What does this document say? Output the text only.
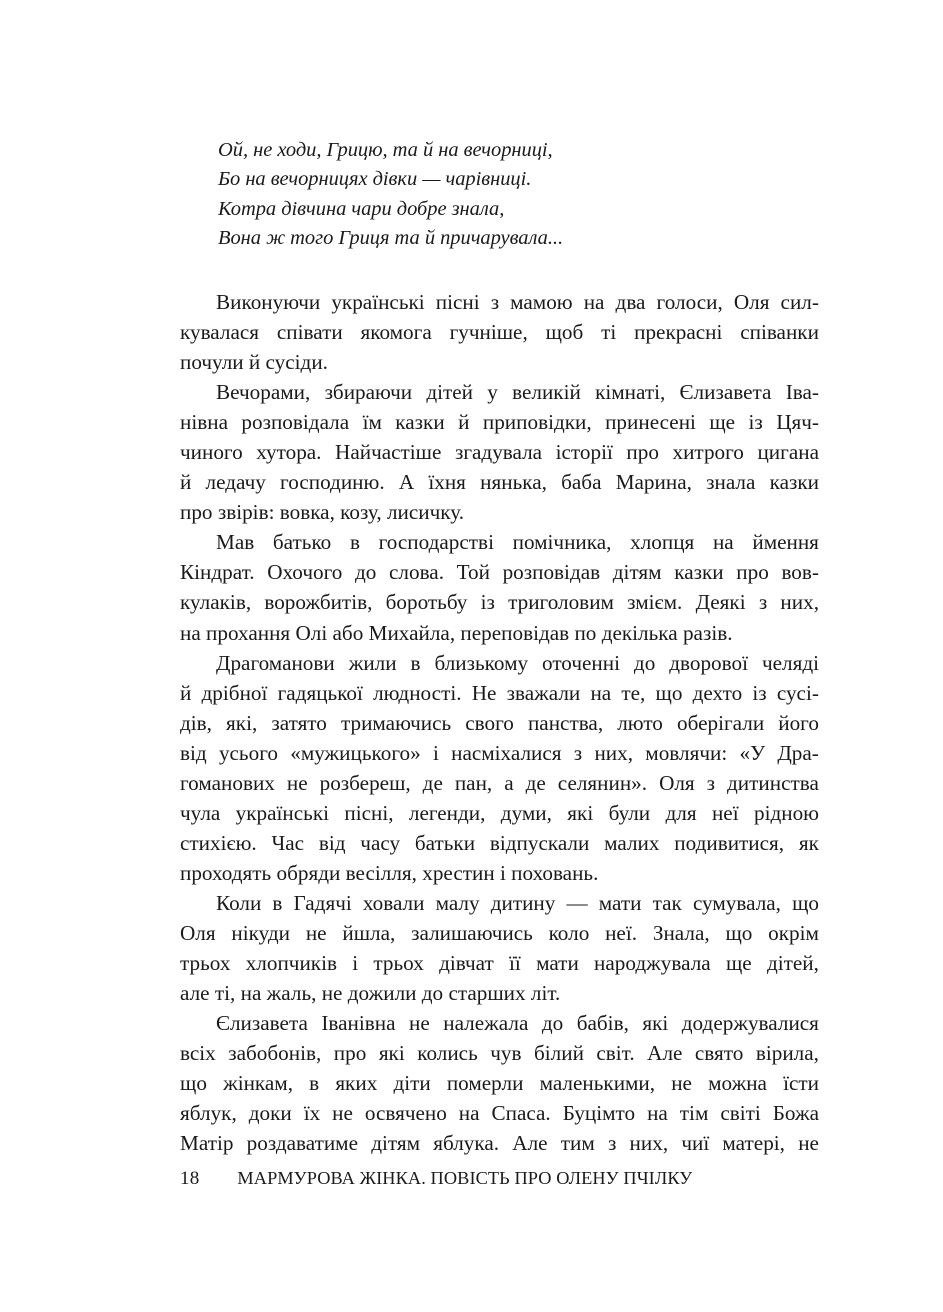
Ой, не ходи, Грицю, та й на вечорниці,
Бо на вечорницях дівки — чарівниці.
Котра дівчина чари добре знала,
Вона ж того Гриця та й причарувала...
Виконуючи українські пісні з мамою на два голоси, Оля сил-
кувалася співати якомога гучніше, щоб ті прекрасні співанки
почули й сусіди.
Вечорами, збираючи дітей у великій кімнаті, Єлизавета Іва-
нівна розповідала їм казки й приповідки, принесені ще із Цяч-
чиного хутора. Найчастіше згадувала історії про хитрого цигана
й ледачу господиню. А їхня нянька, баба Марина, знала казки
про звірів: вовка, козу, лисичку.
Мав батько в господарстві помічника, хлопця на ймення
Кіндрат. Охочого до слова. Той розповідав дітям казки про вов-
кулаків, ворожбитів, боротьбу із триголовим змієм. Деякі з них,
на прохання Олі або Михайла, переповідав по декілька разів.
Драгоманови жили в близькому оточенні до дворової челяді
й дрібної гадяцької людності. Не зважали на те, що дехто із сусі-
дів, які, затято тримаючись свого панства, люто оберігали його
від усього «мужицького» і насміхалися з них, мовлячи: «У Дра-
гоманових не розбереш, де пан, а де селянин». Оля з дитинства
чула українські пісні, легенди, думи, які були для неї рідною
стихією. Час від часу батьки відпускали малих подивитися, як
проходять обряди весілля, хрестин і поховань.
Коли в Гадячі ховали малу дитину — мати так сумувала, що
Оля нікуди не йшла, залишаючись коло неї. Знала, що окрім
трьох хлопчиків і трьох дівчат її мати народжувала ще дітей,
але ті, на жаль, не дожили до старших літ.
Єлизавета Іванівна не належала до бабів, які додержувалися
всіх забобонів, про які колись чув білий світ. Але свято вірила,
що жінкам, в яких діти померли маленькими, не можна їсти
яблук, доки їх не освячено на Спаса. Буцімто на тім світі Божа
Матір роздаватиме дітям яблука. Але тим з них, чиї матері, не
18 МАРМУРОВА ЖІНКА. ПОВІСТЬ ПРО ОЛЕНУ ПЧІЛКУ
